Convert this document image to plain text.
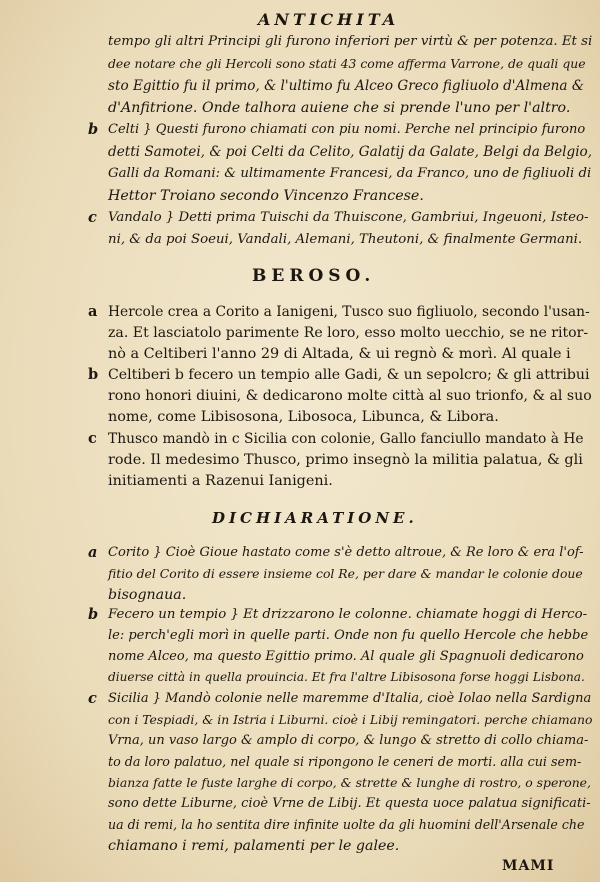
ANTICHITA
tempo gli altri Principi gli furono inferiori per virtù & per potenza. Et si
dee notare che gli Hercoli sono stati 43 come afferma Varrone, de quali que
sto Egittio fu il primo, & l'ultimo fu Alceo Greco figliuolo d'Almena &
d'Anfitrione. Onde talhora auiene che si prende l'uno per l'altro.
b Celti } Questi furono chiamati con piu nomi. Perche nel principio furono
detti Samotei, & poi Celti da Celito, Galatij da Galate, Belgi da Belgio,
Galli da Romani: & ultimamente Francesi, da Franco, uno de figliuoli di
Hettor Troiano secondo Vincenzo Francese.
c Vandalo } Detti prima Tuischi da Thuiscone, Gambriui, Ingeuoni, Isteo-
ni, & da poi Soeui, Vandali, Alemani, Theutoni, & finalmente Germani.
BEROSO.
a Hercole crea a Corito a Ianigeni, Tusco suo figliuolo, secondo l'usan-
za. Et lasciatolo parimente Re loro, esso molto uecchio, se ne ritor-
nò a Celtiberi l'anno 29 di Altada, & ui regnò & morì. Al quale i
b Celtiberi b fecero un tempio alle Gadi, & un sepolcro; & gli attribui
rono honori diuini, & dedicarono molte città al suo trionfo, & al suo
nome, come Libisosona, Libosoca, Libunca, & Libora.
c Thusco mandò in c Sicilia con colonie, Gallo fanciullo mandato à He
rode. Il medesimo Thusco, primo insegnò la militia palatua, & gli
initiamenti a Razenui Ianigeni.
DICHIARATIONE.
a Corito } Cioè Gioue hastato come s'è detto altroue, & Re loro & era l'of-
fitio del Corito di essere insieme col Re, per dare & mandar le colonie doue
bisognaua.
b Fecero un tempio } Et drizzarono le colonne. chiamate hoggi di Herco-
le: perch'egli morì in quelle parti. Onde non fu quello Hercole che hebbe
nome Alceo, ma questo Egittio primo. Al quale gli Spagnuoli dedicarono
diuerse città in quella prouincia. Et fra l'altre Libisosona forse hoggi Lisbona.
c Sicilia } Mandò colonie nelle maremme d'Italia, cioè Iolao nella Sardigna
con i Tespiadi, & in Istria i Liburni. cioè i Libij remingatori. perche chiamano
Vrna, un vaso largo & amplo di corpo, & lungo & stretto di collo chiama-
to da loro palatuo, nel quale si ripongono le ceneri de morti. alla cui sem-
bianza fatte le fuste larghe di corpo, & strette & lunghe di rostro, o sperone,
sono dette Liburne, cioè Vrne de Libij. Et questa uoce palatua significati-
ua di remi, la ho sentita dire infinite uolte da gli huomini dell'Arsenale che
chiamano i remi, palamenti per le galee.
MAMI
